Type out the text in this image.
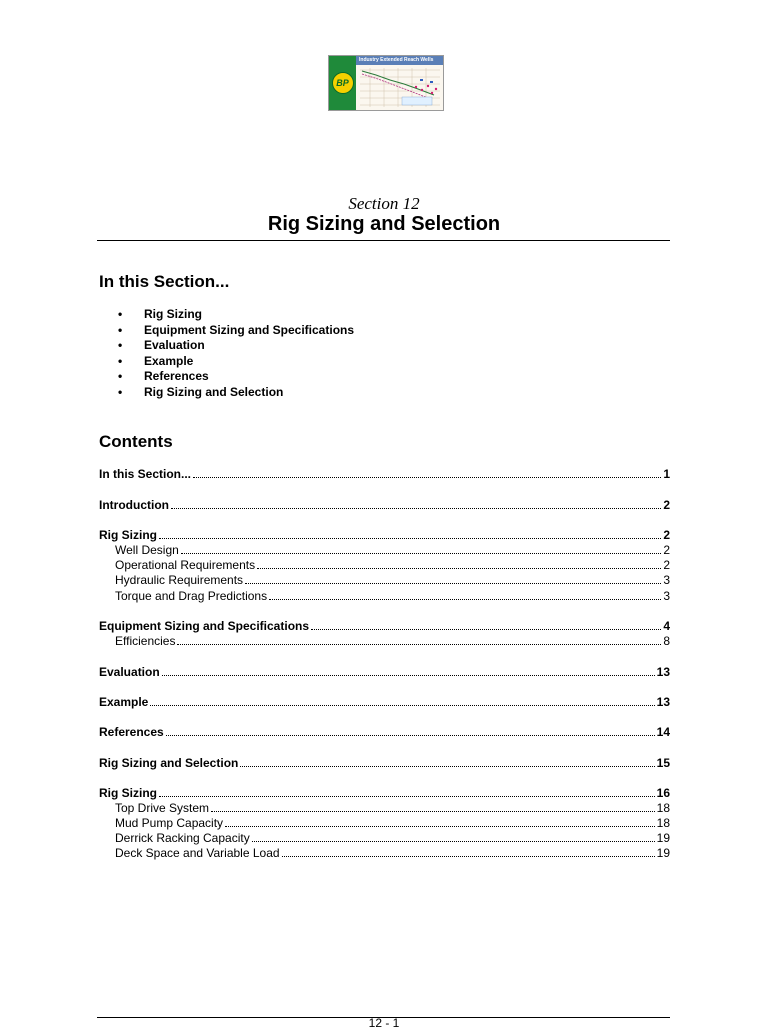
BP
Industry Extended Reach Wells
Section 12
Rig Sizing and Selection
In this Section...
• Rig Sizing
• Equipment Sizing and Specifications
• Evaluation
• Example
• References
• Rig Sizing and Selection
Contents
In this Section...	1
Introduction	2
Rig Sizing	2
Well Design	2
Operational Requirements	2
Hydraulic Requirements	3
Torque and Drag Predictions	3
Equipment Sizing and Specifications	4
Efficiencies	8
Evaluation	13
Example	13
References	14
Rig Sizing and Selection	15
Rig Sizing	16
Top Drive System	18
Mud Pump Capacity	18
Derrick Racking Capacity	19
Deck Space and Variable Load	19
12 - 1
